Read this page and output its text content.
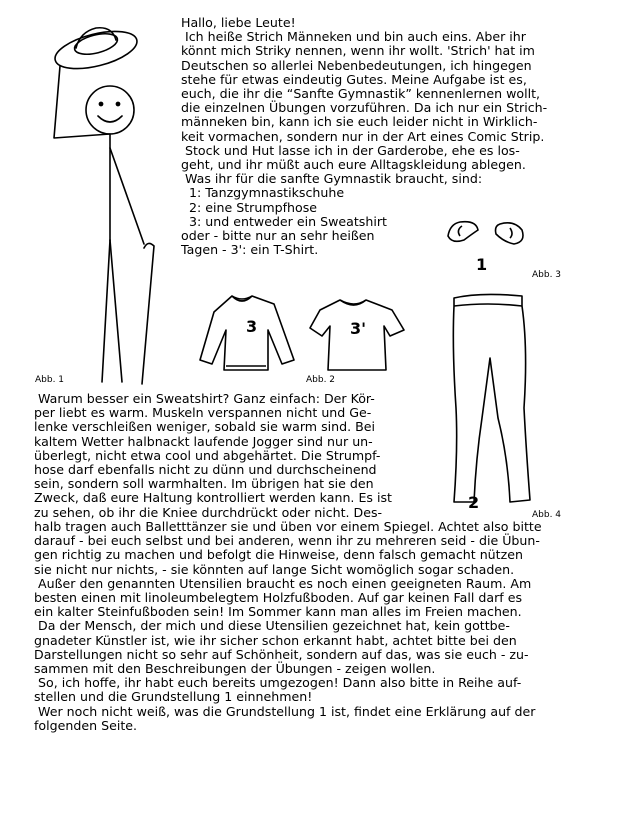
Hallo, liebe Leute!
Ich heiße Strich Männeken und bin auch eins. Aber ihr
könnt mich Striky nennen, wenn ihr wollt. 'Strich' hat im
Deutschen so allerlei Nebenbedeutungen, ich hingegen
stehe für etwas eindeutig Gutes. Meine Aufgabe ist es,
euch, die ihr die “Sanfte Gymnastik” kennenlernen wollt,
die einzelnen Übungen vorzuführen. Da ich nur ein Strich-
männeken bin, kann ich sie euch leider nicht in Wirklich-
keit vormachen, sondern nur in der Art eines Comic Strip.
Stock und Hut lasse ich in der Garderobe, ehe es los-
geht, und ihr müßt auch eure Alltagskleidung ablegen.
Was ihr für die sanfte Gymnastik braucht, sind:
1: Tanzgymnastikschuhe
2: eine Strumpfhose
3: und entweder ein Sweatshirt
oder - bitte nur an sehr heißen
Tagen - 3': ein T-Shirt.
Warum besser ein Sweatshirt? Ganz einfach: Der Kör-
per liebt es warm. Muskeln verspannen nicht und Ge-
lenke verschleißen weniger, sobald sie warm sind. Bei
kaltem Wetter halbnackt laufende Jogger sind nur un-
überlegt, nicht etwa cool und abgehärtet. Die Strumpf-
hose darf ebenfalls nicht zu dünn und durchscheinend
sein, sondern soll warmhalten. Im übrigen hat sie den
Zweck, daß eure Haltung kontrolliert werden kann. Es ist
zu sehen, ob ihr die Kniee durchdrückt oder nicht. Des-
halb tragen auch Balletttänzer sie und üben vor einem Spiegel. Achtet also bitte
darauf - bei euch selbst und bei anderen, wenn ihr zu mehreren seid - die Übun-
gen richtig zu machen und befolgt die Hinweise, denn falsch gemacht nützen
sie nicht nur nichts, - sie könnten auf lange Sicht womöglich sogar schaden.
Außer den genannten Utensilien braucht es noch einen geeigneten Raum. Am
besten einen mit linoleumbelegtem Holzfußboden. Auf gar keinen Fall darf es
ein kalter Steinfußboden sein! Im Sommer kann man alles im Freien machen.
Da der Mensch, der mich und diese Utensilien gezeichnet hat, kein gottbe-
gnadeter Künstler ist, wie ihr sicher schon erkannt habt, achtet bitte bei den
Darstellungen nicht so sehr auf Schönheit, sondern auf das, was sie euch - zu-
sammen mit den Beschreibungen der Übungen - zeigen wollen.
So, ich hoffe, ihr habt euch bereits umgezogen! Dann also bitte in Reihe auf-
stellen und die Grundstellung 1 einnehmen!
Wer noch nicht weiß, was die Grundstellung 1 ist, findet eine Erklärung auf der
folgenden Seite.
Abb. 1
3	3'
Abb. 2
1
Abb. 3
2
Abb. 4
